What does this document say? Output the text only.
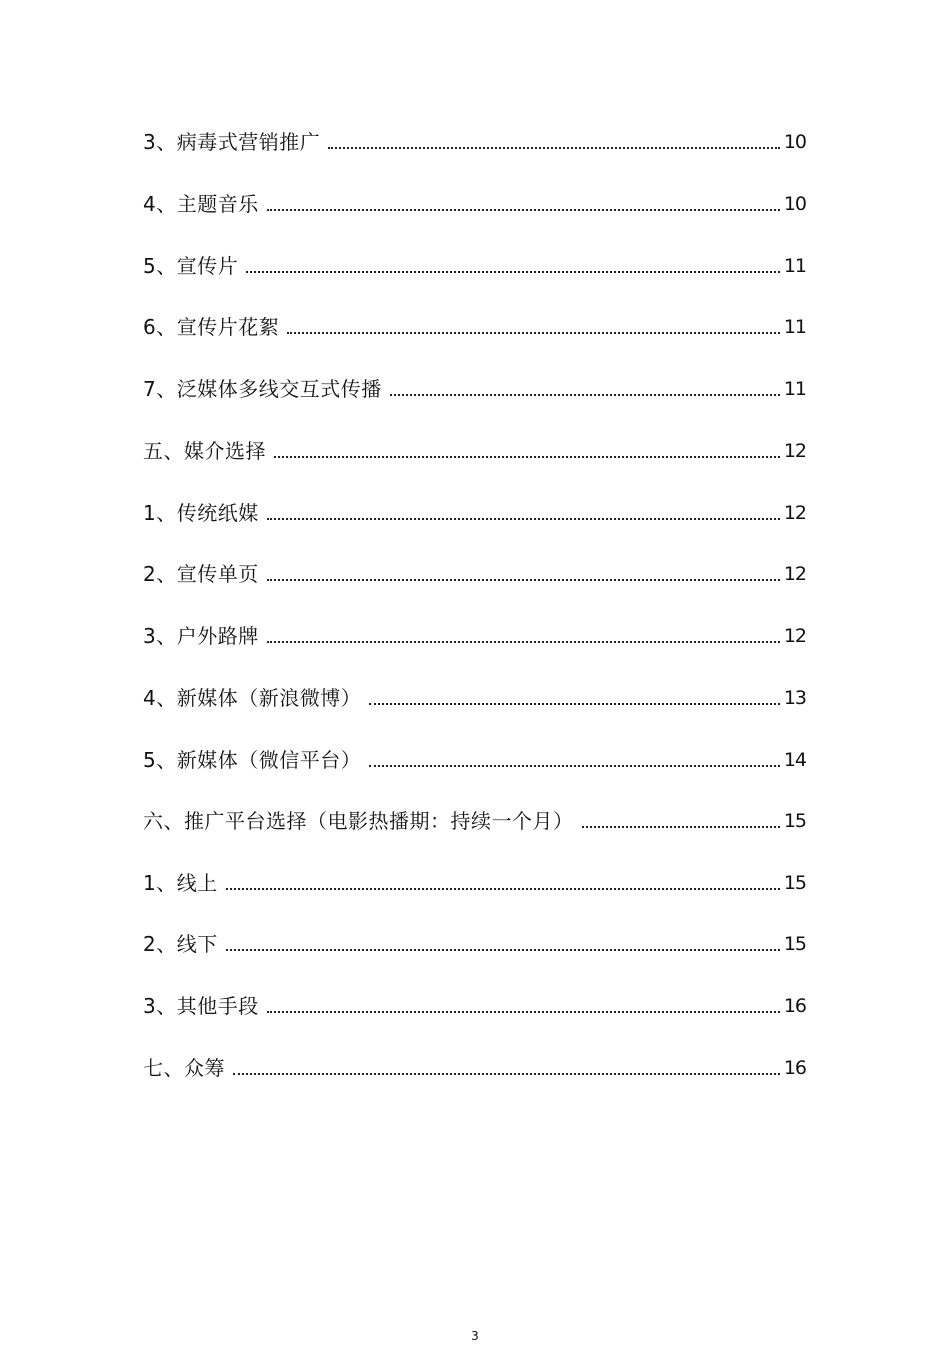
3、病毒式营销推广	10
4、主题音乐	10
5、宣传片	11
6、宣传片花絮	11
7、泛媒体多线交互式传播	11
五、媒介选择	12
1、传统纸媒	12
2、宣传单页	12
3、户外路牌	12
4、新媒体（新浪微博）	13
5、新媒体（微信平台）	14
六、推广平台选择（电影热播期：持续一个月）	15
1、线上	15
2、线下	15
3、其他手段	16
七、众筹	16
3
